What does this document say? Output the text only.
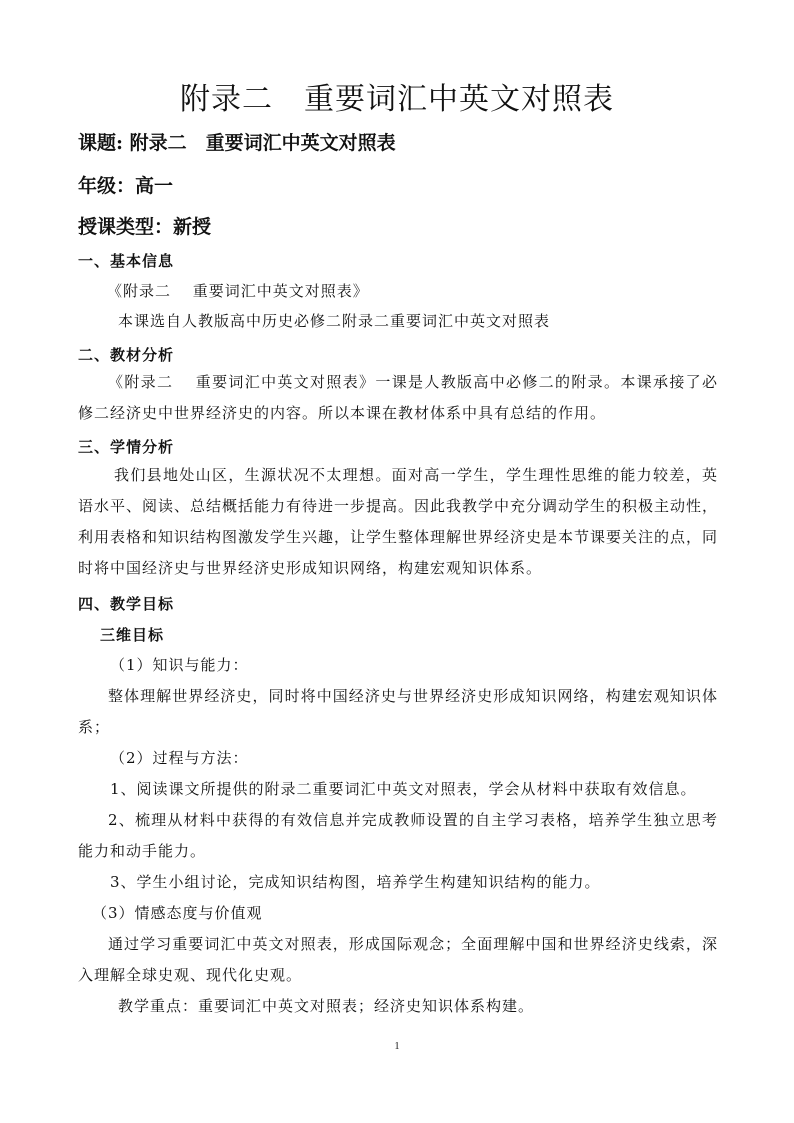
附录二　重要词汇中英文对照表
课题: 附录二　重要词汇中英文对照表
年级：高一
授课类型：新授
一、基本信息
《附录二　 重要词汇中英文对照表》
本课选自人教版高中历史必修二附录二重要词汇中英文对照表
二、教材分析
《附录二　 重要词汇中英文对照表》一课是人教版高中必修二的附录。本课承接了必修二经济史中世界经济史的内容。所以本课在教材体系中具有总结的作用。
三、学情分析
我们县地处山区，生源状况不太理想。面对高一学生，学生理性思维的能力较差，英语水平、阅读、总结概括能力有待进一步提高。因此我教学中充分调动学生的积极主动性，利用表格和知识结构图激发学生兴趣，让学生整体理解世界经济史是本节课要关注的点，同时将中国经济史与世界经济史形成知识网络，构建宏观知识体系。
四、教学目标
三维目标
（1）知识与能力：
整体理解世界经济史，同时将中国经济史与世界经济史形成知识网络，构建宏观知识体系；
（2）过程与方法：
1、阅读课文所提供的附录二重要词汇中英文对照表，学会从材料中获取有效信息。
2、梳理从材料中获得的有效信息并完成教师设置的自主学习表格，培养学生独立思考能力和动手能力。
3、学生小组讨论，完成知识结构图，培养学生构建知识结构的能力。
（3）情感态度与价值观
通过学习重要词汇中英文对照表，形成国际观念；全面理解中国和世界经济史线索，深入理解全球史观、现代化史观。
教学重点：重要词汇中英文对照表；经济史知识体系构建。
1
